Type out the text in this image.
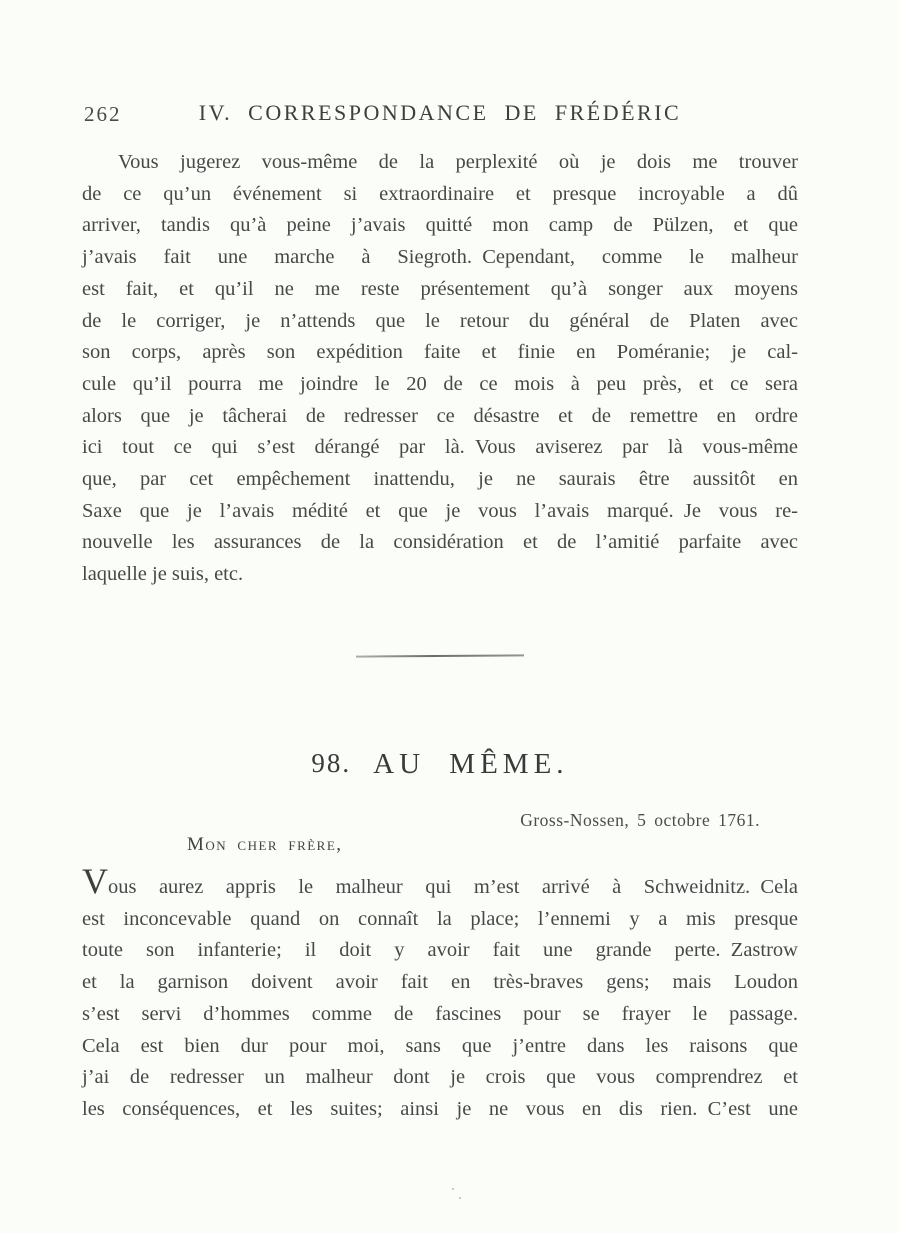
262	IV. CORRESPONDANCE DE FRÉDÉRIC
Vous jugerez vous-même de la perplexité où je dois me trouver
de ce qu’un événement si extraordinaire et presque incroyable a dû
arriver, tandis qu’à peine j’avais quitté mon camp de Pülzen, et que
j’avais fait une marche à Siegroth. Cependant, comme le malheur
est fait, et qu’il ne me reste présentement qu’à songer aux moyens
de le corriger, je n’attends que le retour du général de Platen avec
son corps, après son expédition faite et finie en Poméranie; je cal-
cule qu’il pourra me joindre le 20 de ce mois à peu près, et ce sera
alors que je tâcherai de redresser ce désastre et de remettre en ordre
ici tout ce qui s’est dérangé par là. Vous aviserez par là vous-même
que, par cet empêchement inattendu, je ne saurais être aussitôt en
Saxe que je l’avais médité et que je vous l’avais marqué. Je vous re-
nouvelle les assurances de la considération et de l’amitié parfaite avec
laquelle je suis, etc.
98. AU MÊME.
Gross-Nossen, 5 octobre 1761.
Mon cher frère,
Vous aurez appris le malheur qui m’est arrivé à Schweidnitz. Cela
est inconcevable quand on connaît la place; l’ennemi y a mis presque
toute son infanterie; il doit y avoir fait une grande perte. Zastrow
et la garnison doivent avoir fait en très-braves gens; mais Loudon
s’est servi d’hommes comme de fascines pour se frayer le passage.
Cela est bien dur pour moi, sans que j’entre dans les raisons que
j’ai de redresser un malheur dont je crois que vous comprendrez et
les conséquences, et les suites; ainsi je ne vous en dis rien. C’est une
